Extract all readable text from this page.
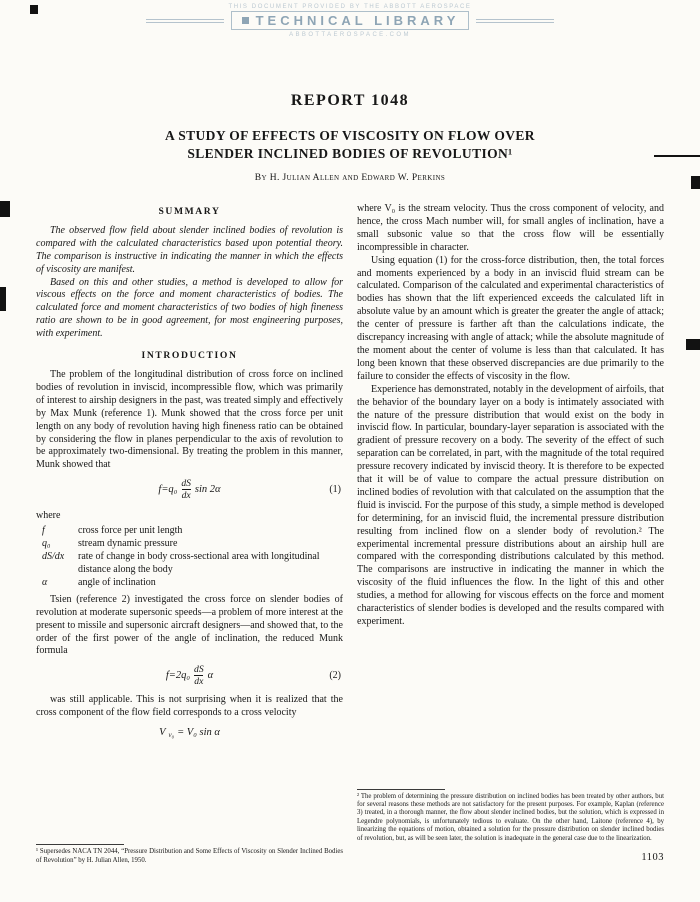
THIS DOCUMENT PROVIDED BY THE ABBOTT AEROSPACE
TECHNICAL LIBRARY
ABBOTTAEROSPACE.COM
REPORT 1048
A STUDY OF EFFECTS OF VISCOSITY ON FLOW OVER
SLENDER INCLINED BODIES OF REVOLUTION¹
By H. Julian Allen and Edward W. Perkins
SUMMARY

The observed flow field about slender inclined bodies of revolution is compared with the calculated characteristics based upon potential theory. The comparison is instructive in indicating the manner in which the effects of viscosity are manifest.

Based on this and other studies, a method is developed to allow for viscous effects on the force and moment characteristics of bodies. The calculated force and moment characteristics of two bodies of high fineness ratio are shown to be in good agreement, for most engineering purposes, with experiment.

INTRODUCTION

The problem of the longitudinal distribution of cross force on inclined bodies of revolution in inviscid, incompressible flow, which was primarily of interest to airship designers in the past, was treated simply and effectively by Max Munk (reference 1). Munk showed that the cross force per unit length on any body of revolution having high fineness ratio can be obtained by considering the flow in planes perpendicular to the axis of revolution to be approximately two-dimensional. By treating the problem in this manner, Munk showed that

$f=q_0 \frac{dS}{dx}$ sin 2α	(1)
where
f	cross force per unit length
q₀	stream dynamic pressure
dS/dx	rate of change in body cross-sectional area with longitudinal distance along the body
α	angle of inclination

Tsien (reference 2) investigated the cross force on slender bodies of revolution at moderate supersonic speeds—a problem of more interest at the present to missile and supersonic aircraft designers—and showed that, to the order of the first power of the angle of inclination, the reduced Munk formula

$f=2q_0 \frac{dS}{dx}$ α	(2)

was still applicable. This is not surprising when it is realized that the cross component of the flow field corresponds to a cross velocity

V $_{v_0}$ = V₀ sin α
¹ Supersedes NACA TN 2044, “Pressure Distribution and Some Effects of Viscosity on Slender Inclined Bodies of Revolution” by H. Julian Allen, 1950.

where V₀ is the stream velocity. Thus the cross component of velocity, and hence, the cross Mach number will, for small angles of inclination, have a small subsonic value so that the cross flow will be essentially incompressible in character.

Using equation (1) for the cross-force distribution, then, the total forces and moments experienced by a body in an inviscid fluid stream can be calculated. Comparison of the calculated and experimental characteristics of bodies has shown that the lift experienced exceeds the calculated lift in absolute value by an amount which is greater the greater the angle of attack; the center of pressure is farther aft than the calculations indicate, the discrepancy increasing with angle of attack; while the absolute magnitude of the moment about the center of volume is less than that calculated. It has long been known that these observed discrepancies are due primarily to the failure to consider the effects of viscosity in the flow.

Experience has demonstrated, notably in the development of airfoils, that the behavior of the boundary layer on a body is intimately associated with the nature of the pressure distribution that would exist on the body in inviscid flow. In particular, boundary-layer separation is associated with the gradient of pressure recovery on a body. The severity of the effect of such separation can be correlated, in part, with the magnitude of the total required pressure recovery indicated by inviscid theory. It is therefore to be expected that it will be of value to compare the actual pressure distribution on inclined bodies of revolution with that calculated on the assumption that the fluid is inviscid. For the purpose of this study, a simple method is developed for determining, for an inviscid fluid, the incremental pressure distribution resulting from inclined flow on a slender body of revolution.² The experimental incremental pressure distributions about an airship hull are compared with the corresponding distributions calculated by this method. The comparisons are instructive in indicating the manner in which the viscosity of the fluid influences the flow. In the light of this and other studies, a method for allowing for viscous effects on the force and moment characteristics of slender bodies is developed and the results compared with experiment.

² The problem of determining the pressure distribution on inclined bodies has been treated by other authors, but for several reasons these methods are not satisfactory for the present purposes. For example, Kaplan (reference 3) treated, in a thorough manner, the flow about slender inclined bodies, but the solution, which is expressed in Legendre polynomials, is unfortunately tedious to evaluate. On the other hand, Laitone (reference 4), by linearizing the equations of motion, obtained a solution for the pressure distribution on slender inclined bodies of revolution, but, as will be seen later, the solution is inadequate in the general case due to the linearization.
1103
